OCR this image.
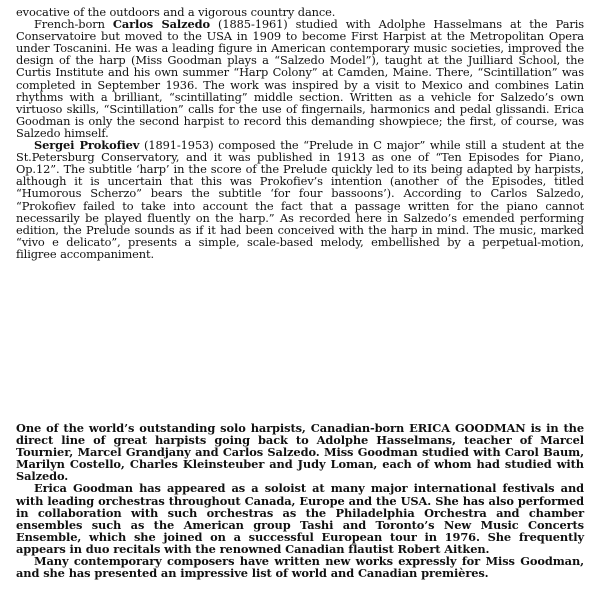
evocative of the outdoors and a vigorous country dance.

French-born Carlos Salzedo (1885-1961) studied with Adolphe Hasselmans at the Paris Conservatoire but moved to the USA in 1909 to become First Harpist at the Metropolitan Opera under Toscanini. He was a leading figure in American contemporary music societies, improved the design of the harp (Miss Goodman plays a “Salzedo Model”), taught at the Juilliard School, the Curtis Institute and his own summer “Harp Colony” at Camden, Maine. There, “Scintillation” was completed in September 1936. The work was inspired by a visit to Mexico and combines Latin rhythms with a brilliant, “scintillating” middle section. Written as a vehicle for Salzedo’s own virtuoso skills, “Scintillation” calls for the use of fingernails, harmonics and pedal glissandi. Erica Goodman is only the second harpist to record this demanding showpiece; the first, of course, was Salzedo himself.

Sergei Prokofiev (1891-1953) composed the “Prelude in C major” while still a student at the St.Petersburg Conservatory, and it was published in 1913 as one of “Ten Episodes for Piano, Op.12”. The subtitle ‘harp’ in the score of the Prelude quickly led to its being adapted by harpists, although it is uncertain that this was Prokofiev’s intention (another of the Episodes, titled “Humorous Scherzo” bears the subtitle ‘for four bassoons’). According to Carlos Salzedo, “Prokofiev failed to take into account the fact that a passage written for the piano cannot necessarily be played fluently on the harp.” As recorded here in Salzedo’s emended performing edition, the Prelude sounds as if it had been conceived with the harp in mind. The music, marked “vivo e delicato”, presents a simple, scale-based melody, embellished by a perpetual-motion, filigree accompaniment.

One of the world’s outstanding solo harpists, Canadian-born ERICA GOODMAN is in the direct line of great harpists going back to Adolphe Hasselmans, teacher of Marcel Tournier, Marcel Grandjany and Carlos Salzedo. Miss Goodman studied with Carol Baum, Marilyn Costello, Charles Kleinsteuber and Judy Loman, each of whom had studied with Salzedo.

Erica Goodman has appeared as a soloist at many major international festivals and with leading orchestras throughout Canada, Europe and the USA. She has also performed in collaboration with such orchestras as the Philadelphia Orchestra and chamber ensembles such as the American group Tashi and Toronto’s New Music Concerts Ensemble, which she joined on a successful European tour in 1976. She frequently appears in duo recitals with the renowned Canadian flautist Robert Aitken.

Many contemporary composers have written new works expressly for Miss Goodman, and she has presented an impressive list of world and Canadian premières.
